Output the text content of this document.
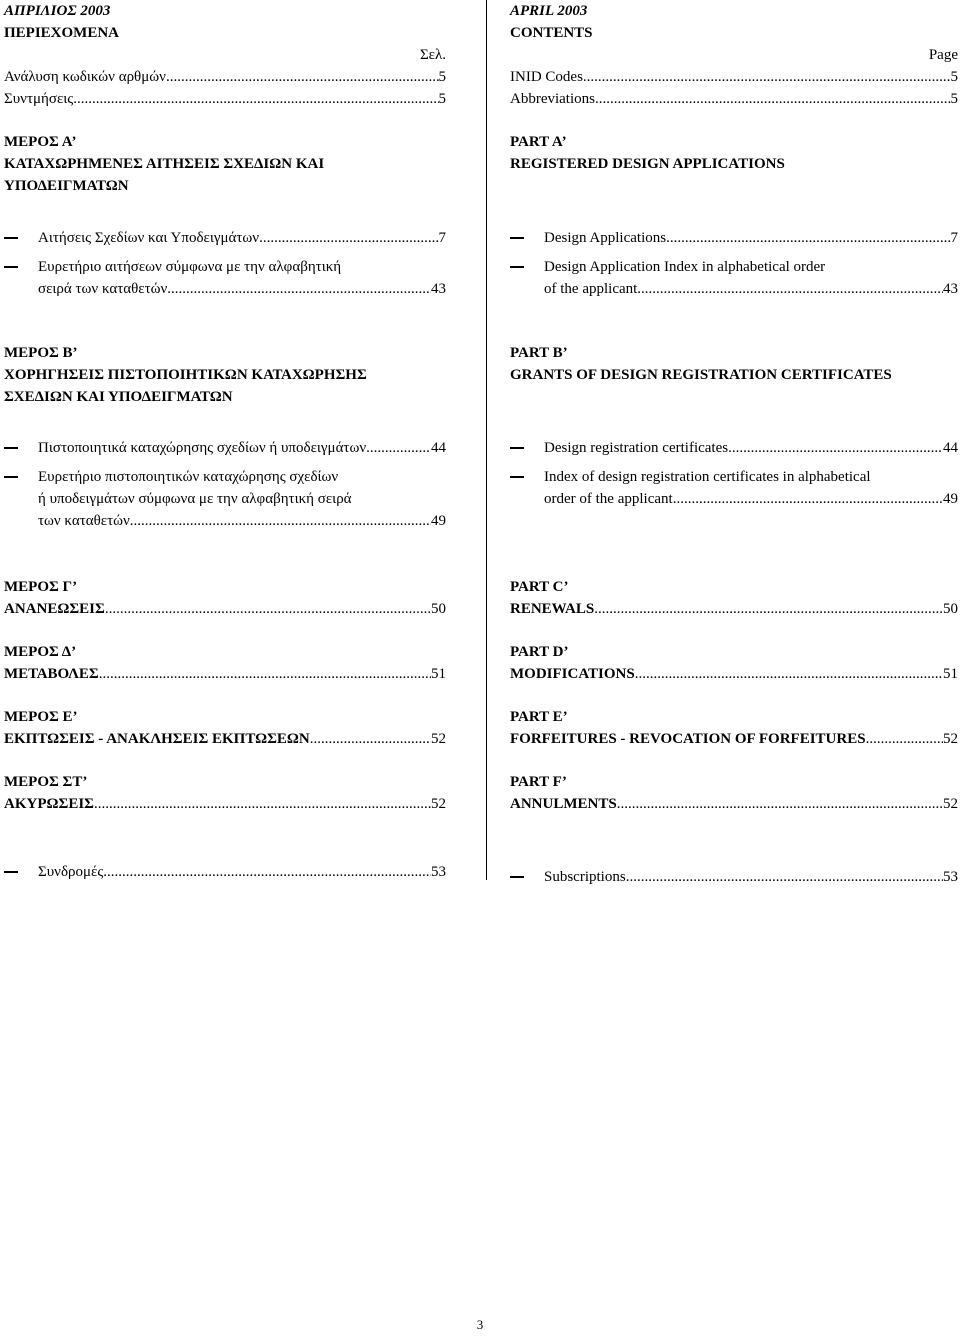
ΑΠΡΙΛΙΟΣ 2003
ΠΕΡΙΕΧΟΜΕΝΑ
Σελ.
Ανάλυση κωδικών αρθμών .....	5
Συντμήσεις .....	5
ΜΕΡΟΣ Α’
ΚΑΤΑΧΩΡΗΜΕΝΕΣ ΑΙΤΗΣΕΙΣ ΣΧΕΔΙΩΝ ΚΑΙ
ΥΠΟΔΕΙΓΜΑΤΩΝ
Αιτήσεις Σχεδίων και Υποδειγμάτων .....	7
Ευρετήριο αιτήσεων σύμφωνα με την αλφαβητική
σειρά των καταθετών .....	43
ΜΕΡΟΣ Β’
ΧΟΡΗΓΗΣΕΙΣ ΠΙΣΤΟΠΟΙΗΤΙΚΩΝ ΚΑΤΑΧΩΡΗΣΗΣ
ΣΧΕΔΙΩΝ ΚΑΙ ΥΠΟΔΕΙΓΜΑΤΩΝ
Πιστοποιητικά καταχώρησης σχεδίων ή υποδειγμάτων. .....	44
Ευρετήριο πιστοποιητικών καταχώρησης σχεδίων
ή υποδειγμάτων σύμφωνα με την αλφαβητική σειρά
των καταθετών. .....	49
ΜΕΡΟΣ Γ’
ΑΝΑΝΕΩΣΕΙΣ .....	50
ΜΕΡΟΣ Δ’
ΜΕΤΑΒΟΛΕΣ .....	51
ΜΕΡΟΣ Ε’
ΕΚΠΤΩΣΕΙΣ - ΑΝΑΚΛΗΣΕΙΣ ΕΚΠΤΩΣΕΩΝ .....	52
ΜΕΡΟΣ ΣΤ’
ΑΚΥΡΩΣΕΙΣ .....	52
Συνδρομές .....	53
APRIL 2003
CONTENTS
Page
INID Codes .....	5
Abbreviations .....	5
PART A’
REGISTERED DESIGN APPLICATIONS
Design Applications .....	7
Design Application Index in alphabetical order
of the applicant.. .....	43
PART B’
GRANTS OF DESIGN REGISTRATION CERTIFICATES
Design registration certificates .....	44
Index of design registration certificates in alphabetical
order of the applicant .....	49
PART C’
RENEWALS .....	50
PART D’
MODIFICATIONS .....	51
PART E’
FORFEITURES - REVOCATION OF FORFEITURES .....	52
PART F’
ANNULMENTS .....	52
Subscriptions .....	53
3
